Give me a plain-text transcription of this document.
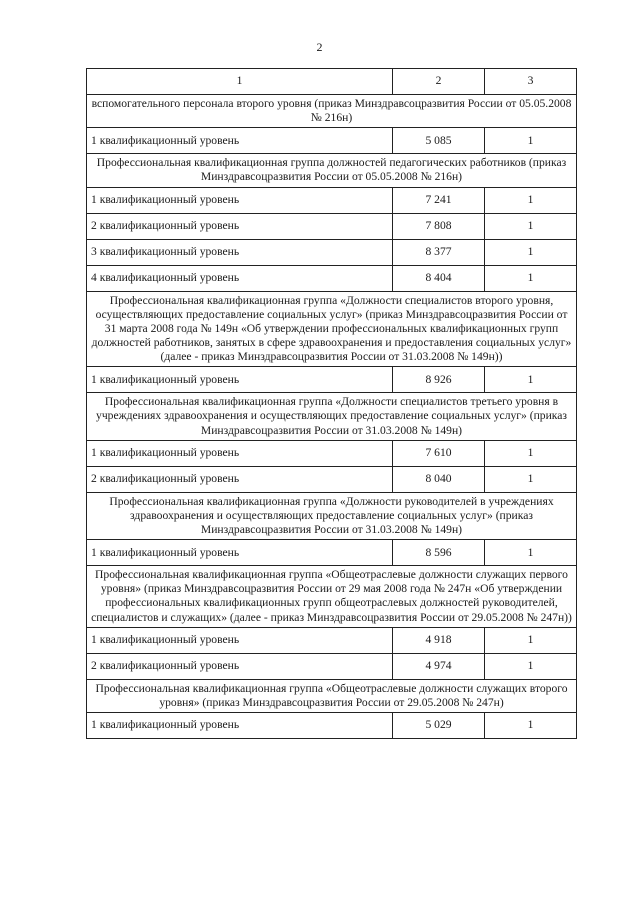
2
1	2	3
вспомогательного персонала второго уровня (приказ Минздравсоцразвития России от 05.05.2008 № 216н)		
1 квалификационный уровень	5 085	1
Профессиональная квалификационная группа должностей педагогических работников (приказ Минздравсоцразвития России от 05.05.2008 № 216н)		
1 квалификационный уровень	7 241	1
2 квалификационный уровень	7 808	1
3 квалификационный уровень	8 377	1
4 квалификационный уровень	8 404	1
Профессиональная квалификационная группа «Должности специалистов второго уровня, осуществляющих предоставление социальных услуг» (приказ Минздравсоцразвития России от 31 марта 2008 года № 149н «Об утверждении профессиональных квалификационных групп должностей работников, занятых в сфере здравоохранения и предоставления социальных услуг» (далее - приказ Минздравсоцразвития России от 31.03.2008 № 149н))		
1 квалификационный уровень	8 926	1
Профессиональная квалификационная группа «Должности специалистов третьего уровня в учреждениях здравоохранения и осуществляющих предоставление социальных услуг» (приказ Минздравсоцразвития России от 31.03.2008 № 149н)		
1 квалификационный уровень	7 610	1
2 квалификационный уровень	8 040	1
Профессиональная квалификационная группа «Должности руководителей в учреждениях здравоохранения и осуществляющих предоставление социальных услуг» (приказ Минздравсоцразвития России от 31.03.2008 № 149н)		
1 квалификационный уровень	8 596	1
Профессиональная квалификационная группа «Общеотраслевые должности служащих первого уровня» (приказ Минздравсоцразвития России от 29 мая 2008 года № 247н «Об утверждении профессиональных квалификационных групп общеотраслевых должностей руководителей, специалистов и служащих» (далее - приказ Минздравсоцразвития России от 29.05.2008 № 247н))		
1 квалификационный уровень	4 918	1
2 квалификационный уровень	4 974	1
Профессиональная квалификационная группа «Общеотраслевые должности служащих второго уровня» (приказ Минздравсоцразвития России от 29.05.2008 № 247н)		
1 квалификационный уровень	5 029	1
